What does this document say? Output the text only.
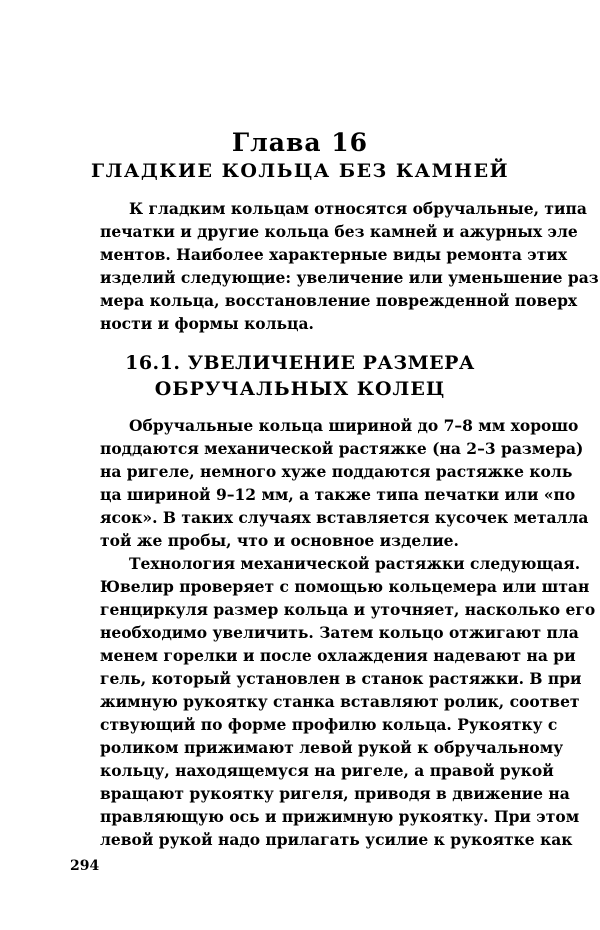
Глава 16
ГЛАДКИЕ КОЛЬЦА БЕЗ КАМНЕЙ
К гладким кольцам относятся обручальные, типа
печатки и другие кольца без камней и ажурных эле
ментов. Наиболее характерные виды ремонта этих
изделий следующие: увеличение или уменьшение раз
мера кольца, восстановление поврежденной поверх
ности и формы кольца.
16.1. УВЕЛИЧЕНИЕ РАЗМЕРА
ОБРУЧАЛЬНЫХ КОЛЕЦ
Обручальные кольца шириной до 7–8 мм хорошо
поддаются механической растяжке (на 2–3 размера)
на ригеле, немного хуже поддаются растяжке коль
ца шириной 9–12 мм, а также типа печатки или «по
ясок». В таких случаях вставляется кусочек металла
той же пробы, что и основное изделие.
Технология механической растяжки следующая.
Ювелир проверяет с помощью кольцемера или штан
генциркуля размер кольца и уточняет, насколько его
необходимо увеличить. Затем кольцо отжигают пла
менем горелки и после охлаждения надевают на ри
гель, который установлен в станок растяжки. В при
жимную рукоятку станка вставляют ролик, соответ
ствующий по форме профилю кольца. Рукоятку с
роликом прижимают левой рукой к обручальному
кольцу, находящемуся на ригеле, а правой рукой
вращают рукоятку ригеля, приводя в движение на
правляющую ось и прижимную рукоятку. При этом
левой рукой надо прилагать усилие к рукоятке как
294
